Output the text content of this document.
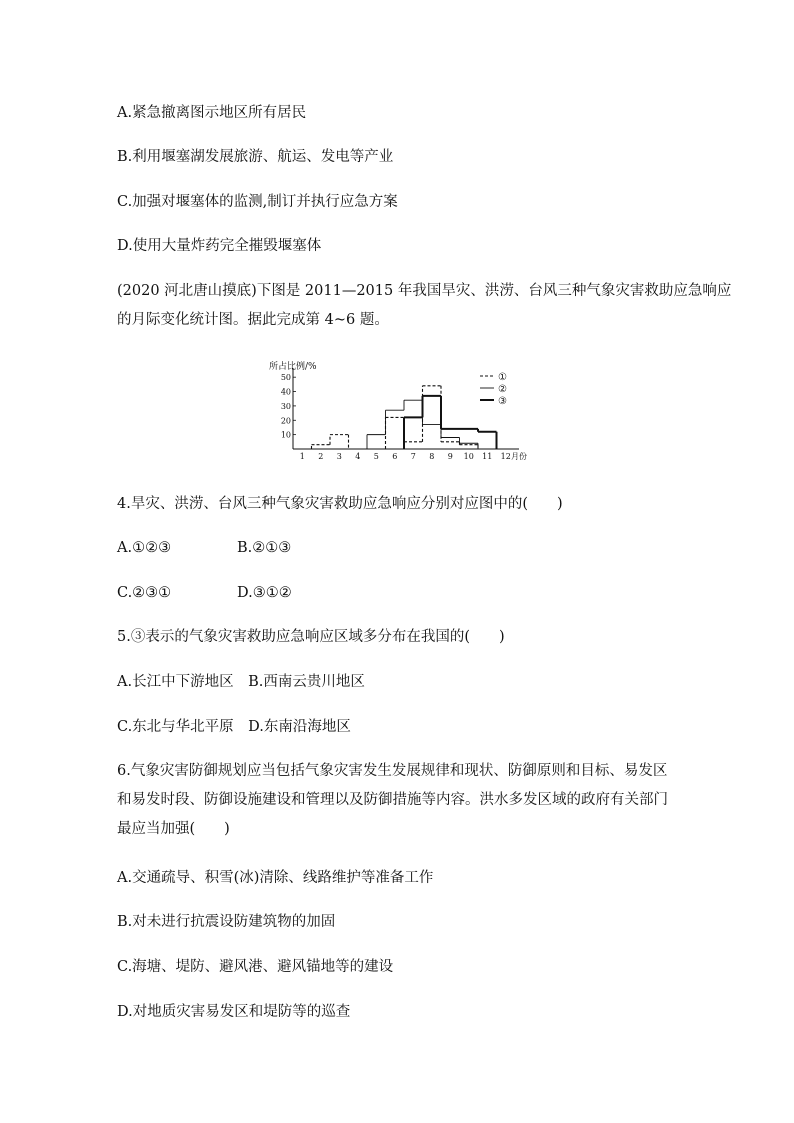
A.紧急撤离图示地区所有居民
B.利用堰塞湖发展旅游、航运、发电等产业
C.加强对堰塞体的监测,制订并执行应急方案
D.使用大量炸药完全摧毁堰塞体
(2020 河北唐山摸底)下图是 2011—2015 年我国旱灾、洪涝、台风三种气象灾害救助应急响应
的月际变化统计图。据此完成第 4~6 题。
10
20
30
40
50
1 2 3 4 5 6 7 8 9 10 11 12 月份
①
②
③
所占比例/%
4.旱灾、洪涝、台风三种气象灾害救助应急响应分别对应图中的(　　)
A.①②③	B.②①③
C.②③①	D.③①②
5.③表示的气象灾害救助应急响应区域多分布在我国的(　　)
A.长江中下游地区　B.西南云贵川地区
C.东北与华北平原　D.东南沿海地区
6.气象灾害防御规划应当包括气象灾害发生发展规律和现状、防御原则和目标、易发区和易发时段、防御设施建设和管理以及防御措施等内容。洪水多发区域的政府有关部门最应当加强(　　)
A.交通疏导、积雪(冰)清除、线路维护等准备工作
B.对未进行抗震设防建筑物的加固
C.海塘、堤防、避风港、避风锚地等的建设
D.对地质灾害易发区和堤防等的巡查
